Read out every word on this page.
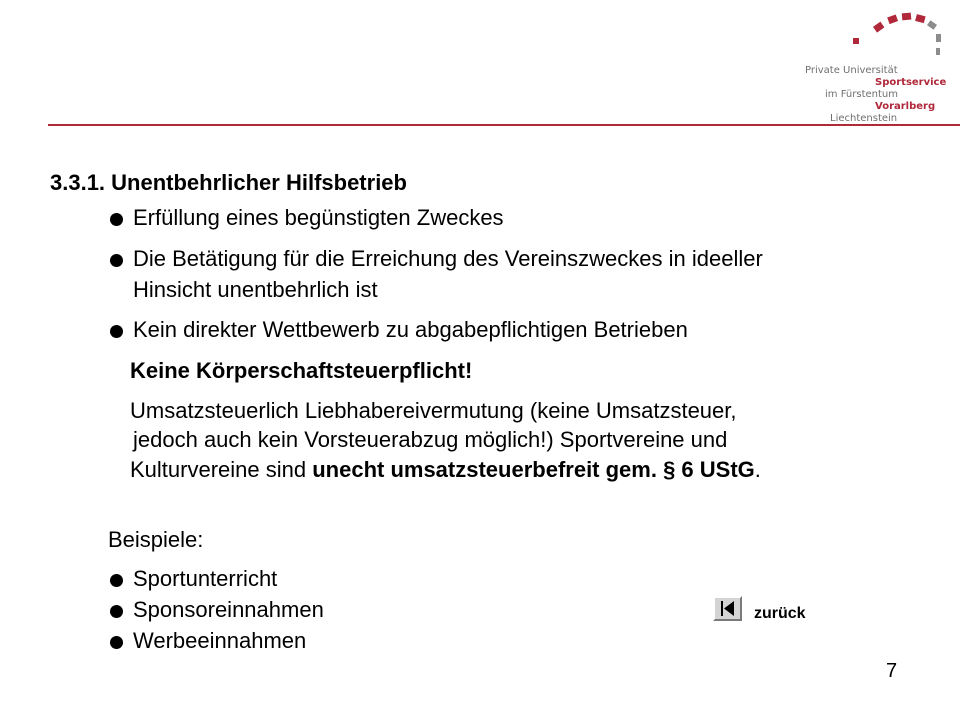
Private Universität
Sportservice
im Fürstentum
Vorarlberg
Liechtenstein
3.3.1. Unentbehrlicher Hilfsbetrieb
Erfüllung eines begünstigten Zweckes
Die Betätigung für die Erreichung des Vereinszweckes in ideeller
Hinsicht unentbehrlich ist
Kein direkter Wettbewerb zu abgabepflichtigen Betrieben
Keine Körperschaftsteuerpflicht!
Umsatzsteuerlich Liebhabereivermutung (keine Umsatzsteuer,
jedoch auch kein Vorsteuerabzug möglich!) Sportvereine und
Kulturvereine sind unecht umsatzsteuerbefreit gem. § 6 UStG.
Beispiele:
Sportunterricht
Sponsoreinnahmen
Werbeeinnahmen
zurück
7
